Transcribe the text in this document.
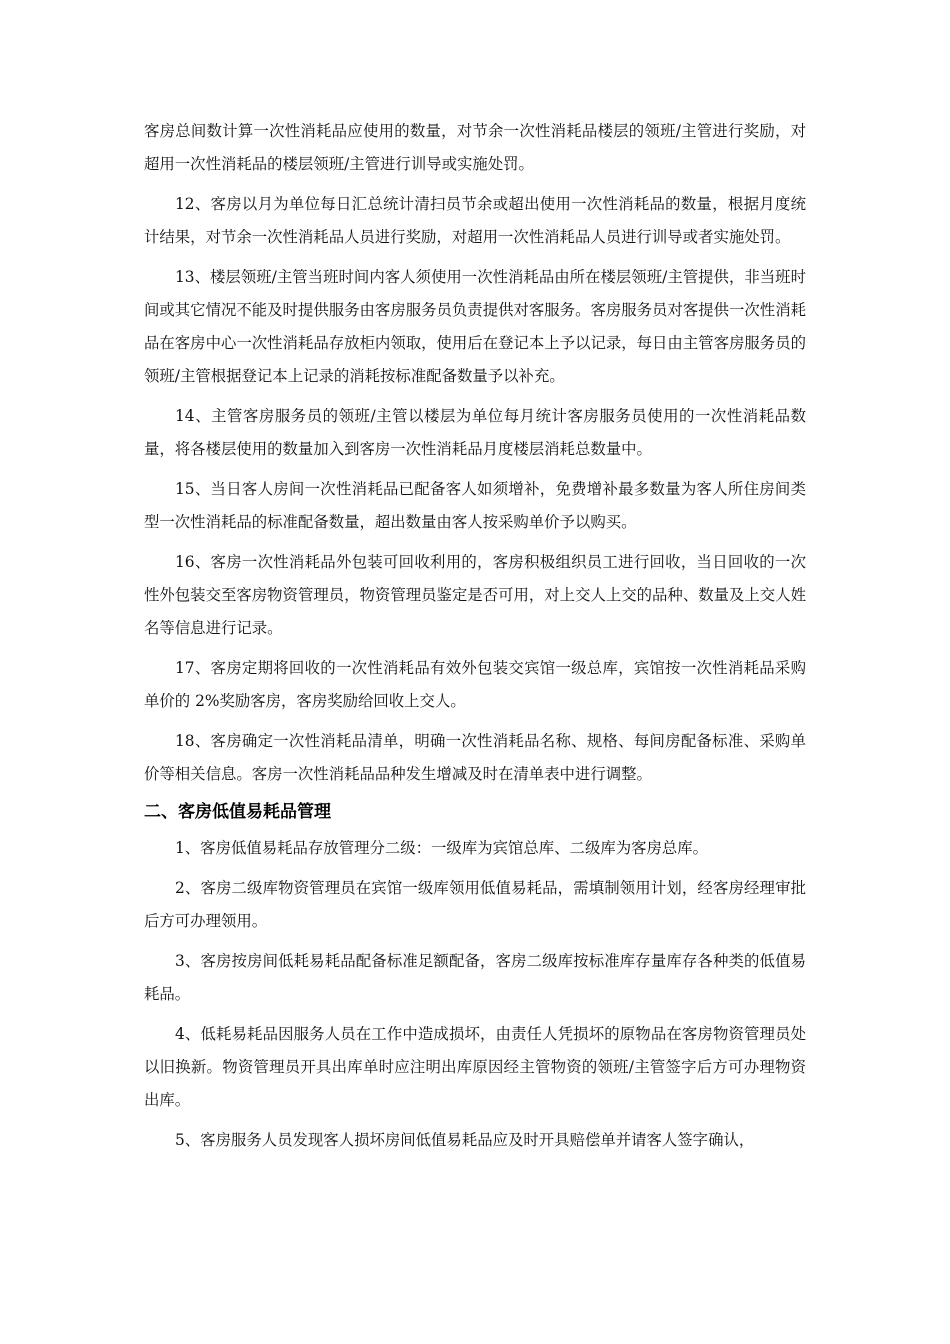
客房总间数计算一次性消耗品应使用的数量，对节余一次性消耗品楼层的领班/主管进行奖励，对超用一次性消耗品的楼层领班/主管进行训导或实施处罚。

12、客房以月为单位每日汇总统计清扫员节余或超出使用一次性消耗品的数量，根据月度统计结果，对节余一次性消耗品人员进行奖励，对超用一次性消耗品人员进行训导或者实施处罚。

13、楼层领班/主管当班时间内客人须使用一次性消耗品由所在楼层领班/主管提供，非当班时间或其它情况不能及时提供服务由客房服务员负责提供对客服务。客房服务员对客提供一次性消耗品在客房中心一次性消耗品存放柜内领取，使用后在登记本上予以记录，每日由主管客房服务员的领班/主管根据登记本上记录的消耗按标准配备数量予以补充。

14、主管客房服务员的领班/主管以楼层为单位每月统计客房服务员使用的一次性消耗品数量，将各楼层使用的数量加入到客房一次性消耗品月度楼层消耗总数量中。

15、当日客人房间一次性消耗品已配备客人如须增补，免费增补最多数量为客人所住房间类型一次性消耗品的标准配备数量，超出数量由客人按采购单价予以购买。

16、客房一次性消耗品外包装可回收利用的，客房积极组织员工进行回收，当日回收的一次性外包装交至客房物资管理员，物资管理员鉴定是否可用，对上交人上交的品种、数量及上交人姓名等信息进行记录。

17、客房定期将回收的一次性消耗品有效外包装交宾馆一级总库，宾馆按一次性消耗品采购单价的 2%奖励客房，客房奖励给回收上交人。

18、客房确定一次性消耗品清单，明确一次性消耗品名称、规格、每间房配备标准、采购单价等相关信息。客房一次性消耗品品种发生增减及时在清单表中进行调整。

二、客房低值易耗品管理

1、客房低值易耗品存放管理分二级：一级库为宾馆总库、二级库为客房总库。

2、客房二级库物资管理员在宾馆一级库领用低值易耗品，需填制领用计划，经客房经理审批后方可办理领用。

3、客房按房间低耗易耗品配备标准足额配备，客房二级库按标准库存量库存各种类的低值易耗品。

4、低耗易耗品因服务人员在工作中造成损坏，由责任人凭损坏的原物品在客房物资管理员处以旧换新。物资管理员开具出库单时应注明出库原因经主管物资的领班/主管签字后方可办理物资出库。

5、客房服务人员发现客人损坏房间低值易耗品应及时开具赔偿单并请客人签字确认，
